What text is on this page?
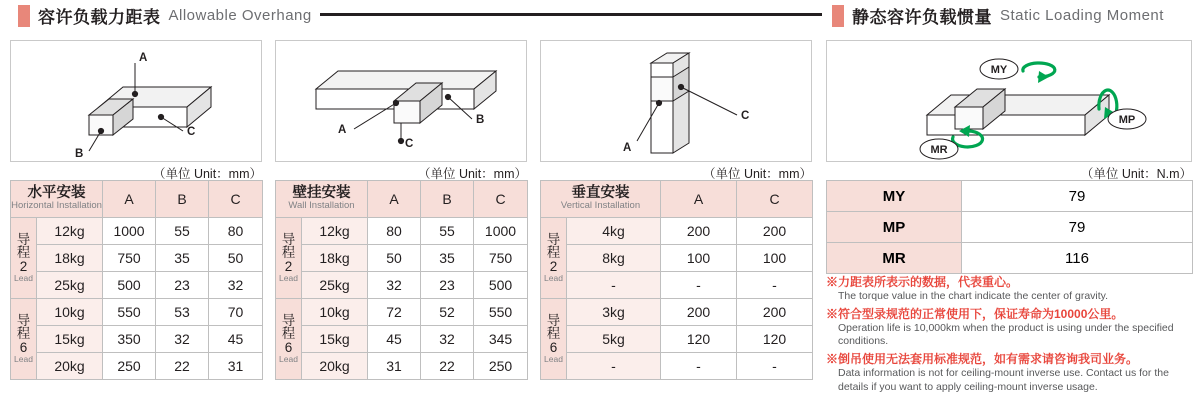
容许负载力距表 Allowable Overhang	静态容许负载惯量 Static Loading Moment
A
B
C
（单位 Unit：mm）
A
B
C
（单位 Unit：mm）
A
C
（单位 Unit：mm）
MY
MP
MR
（单位 Unit：N.m）
水平安装
Horizontal Installation		A	B	C

导程
2
Lead	12kg	1000	55	80
	18kg	750	35	50
	25kg	500	23	32

导程
6
Lead	10kg	550	53	70
	15kg	350	32	45
	20kg	250	22	31
壁挂安装
Wall Installation		A	B	C

导程
2
Lead	12kg	80	55	1000
	18kg	50	35	750
	25kg	32	23	500

导程
6
Lead	10kg	72	52	550
	15kg	45	32	345
	20kg	31	22	250
垂直安装
Vertical Installation		A	C

导程
2
Lead	4kg	200	200
	8kg	100	100
	-	-	-

导程
6
Lead	3kg	200	200
	5kg	120	120
	-	-	-
MY	79
MP	79
MR	116
※力距表所表示的数据，代表重心。
The torque value in the chart indicate the center of gravity.
※符合型录规范的正常使用下，保证寿命为10000公里。
Operation life is 10,000km when the product is using under the specified conditions.
※倒吊使用无法套用标准规范，如有需求请咨询我司业务。
Data information is not for ceiling-mount inverse use. Contact us for the details if you want to apply ceiling-mount inverse usage.
